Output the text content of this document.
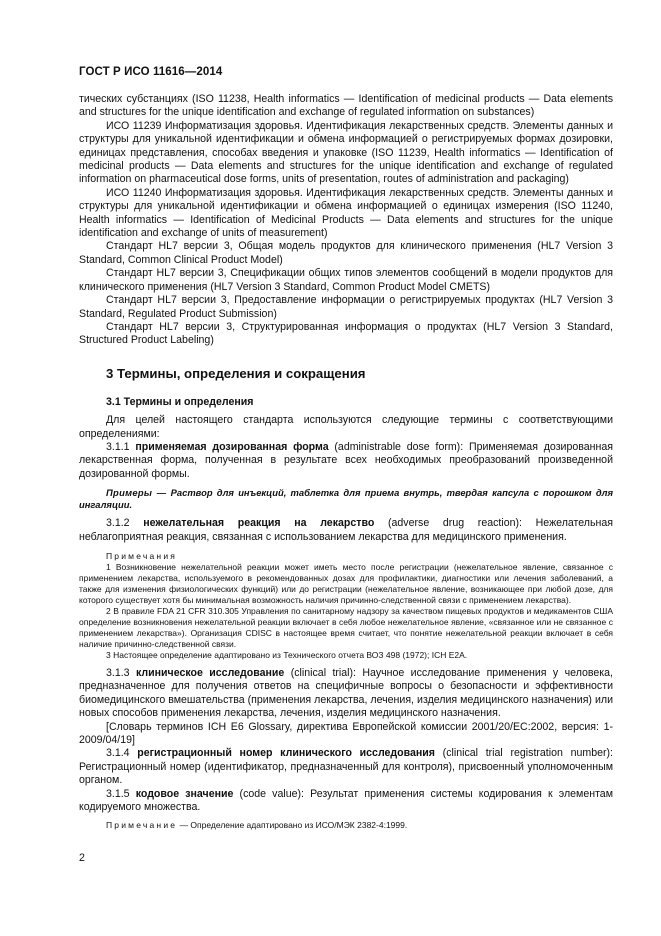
ГОСТ Р ИСО 11616—2014

тических субстанциях (ISO 11238, Health informatics — Identification of medicinal products — Data elements and structures for the unique identification and exchange of regulated information on substances)

ИСО 11239 Информатизация здоровья. Идентификация лекарственных средств. Элементы данных и структуры для уникальной идентификации и обмена информацией о регистрируемых формах дозировки, единицах представления, способах введения и упаковке (ISO 11239, Health informatics — Identification of medicinal products — Data elements and structures for the unique identification and exchange of regulated information on pharmaceutical dose forms, units of presentation, routes of administration and packaging)

ИСО 11240 Информатизация здоровья. Идентификация лекарственных средств. Элементы данных и структуры для уникальной идентификации и обмена информацией о единицах измерения (ISO 11240, Health informatics — Identification of Medicinal Products — Data elements and structures for the unique identification and exchange of units of measurement)

Стандарт HL7 версии 3, Общая модель продуктов для клинического применения (HL7 Version 3 Standard, Common Clinical Product Model)

Стандарт HL7 версии 3, Спецификации общих типов элементов сообщений в модели продуктов для клинического применения (HL7 Version 3 Standard, Common Product Model CMETS)

Стандарт HL7 версии 3, Предоставление информации о регистрируемых продуктах (HL7 Version 3 Standard, Regulated Product Submission)

Стандарт HL7 версии 3, Структурированная информация о продуктах (HL7 Version 3 Standard, Structured Product Labeling)

3 Термины, определения и сокращения
3.1 Термины и определения

Для целей настоящего стандарта используются следующие термины с соответствующими определениями:

3.1.1 применяемая дозированная форма (administrable dose form): Применяемая дозированная лекарственная форма, полученная в результате всех необходимых преобразований произведенной дозированной формы.

Примеры — Раствор для инъекций, таблетка для приема внутрь, твердая капсула с порошком для ингаляции.

3.1.2 нежелательная реакция на лекарство (adverse drug reaction): Нежелательная неблагоприятная реакция, связанная с использованием лекарства для медицинского применения.

Примечания

1 Возникновение нежелательной реакции может иметь место после регистрации (нежелательное явление, связанное с применением лекарства, используемого в рекомендованных дозах для профилактики, диагностики или лечения заболеваний, а также для изменения физиологических функций) или до регистрации (нежелательное явление, возникающее при любой дозе, для которого существует хотя бы минимальная возможность наличия причинно-следственной связи с применением лекарства).

2 В правиле FDA 21 CFR 310.305 Управления по санитарному надзору за качеством пищевых продуктов и медикаментов США определение возникновения нежелательной реакции включает в себя любое нежелательное явление, «связанное или не связанное с применением лекарства»). Организация CDISC в настоящее время считает, что понятие нежелательной реакции включает в себя наличие причинно-следственной связи.

3 Настоящее определение адаптировано из Технического отчета ВОЗ 498 (1972); ICH E2A.

3.1.3 клиническое исследование (clinical trial): Научное исследование применения у человека, предназначенное для получения ответов на специфичные вопросы о безопасности и эффективности биомедицинского вмешательства (применения лекарства, лечения, изделия медицинского назначения) или новых способов применения лекарства, лечения, изделия медицинского назначения.

[Словарь терминов ICH E6 Glossary, директива Европейской комиссии 2001/20/EC:2002, версия: 1-2009/04/19]

3.1.4 регистрационный номер клинического исследования (clinical trial registration number): Регистрационный номер (идентификатор, предназначенный для контроля), присвоенный уполномоченным органом.

3.1.5 кодовое значение (code value): Результат применения системы кодирования к элементам кодируемого множества.

Примечание — Определение адаптировано из ИСО/МЭК 2382-4:1999.

2
